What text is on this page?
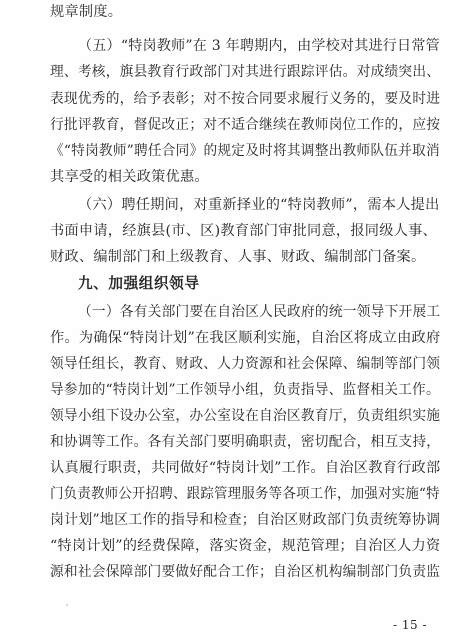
规章制度。
（五）“特岗教师”在 3 年聘期内，由学校对其进行日常管
理、考核，旗县教育行政部门对其进行跟踪评估。对成绩突出、
表现优秀的，给予表彰；对不按合同要求履行义务的，要及时进
行批评教育，督促改正；对不适合继续在教师岗位工作的，应按
《“特岗教师”聘任合同》的规定及时将其调整出教师队伍并取消
其享受的相关政策优惠。
（六）聘任期间，对重新择业的“特岗教师”，需本人提出
书面申请，经旗县(市、区)教育部门审批同意，报同级人事、
财政、编制部门和上级教育、人事、财政、编制部门备案。
九、加强组织领导
（一）各有关部门要在自治区人民政府的统一领导下开展工
作。为确保“特岗计划”在我区顺利实施，自治区将成立由政府
领导任组长，教育、财政、人力资源和社会保障、编制等部门领
导参加的“特岗计划”工作领导小组，负责指导、监督相关工作。
领导小组下设办公室，办公室设在自治区教育厅，负责组织实施
和协调等工作。各有关部门要明确职责，密切配合，相互支持，
认真履行职责，共同做好“特岗计划”工作。自治区教育行政部
门负责教师公开招聘、跟踪管理服务等各项工作，加强对实施“特
岗计划”地区工作的指导和检查；自治区财政部门负责统筹协调
“特岗计划”的经费保障，落实资金，规范管理；自治区人力资
源和社会保障部门要做好配合工作；自治区机构编制部门负责监
- 15 -
